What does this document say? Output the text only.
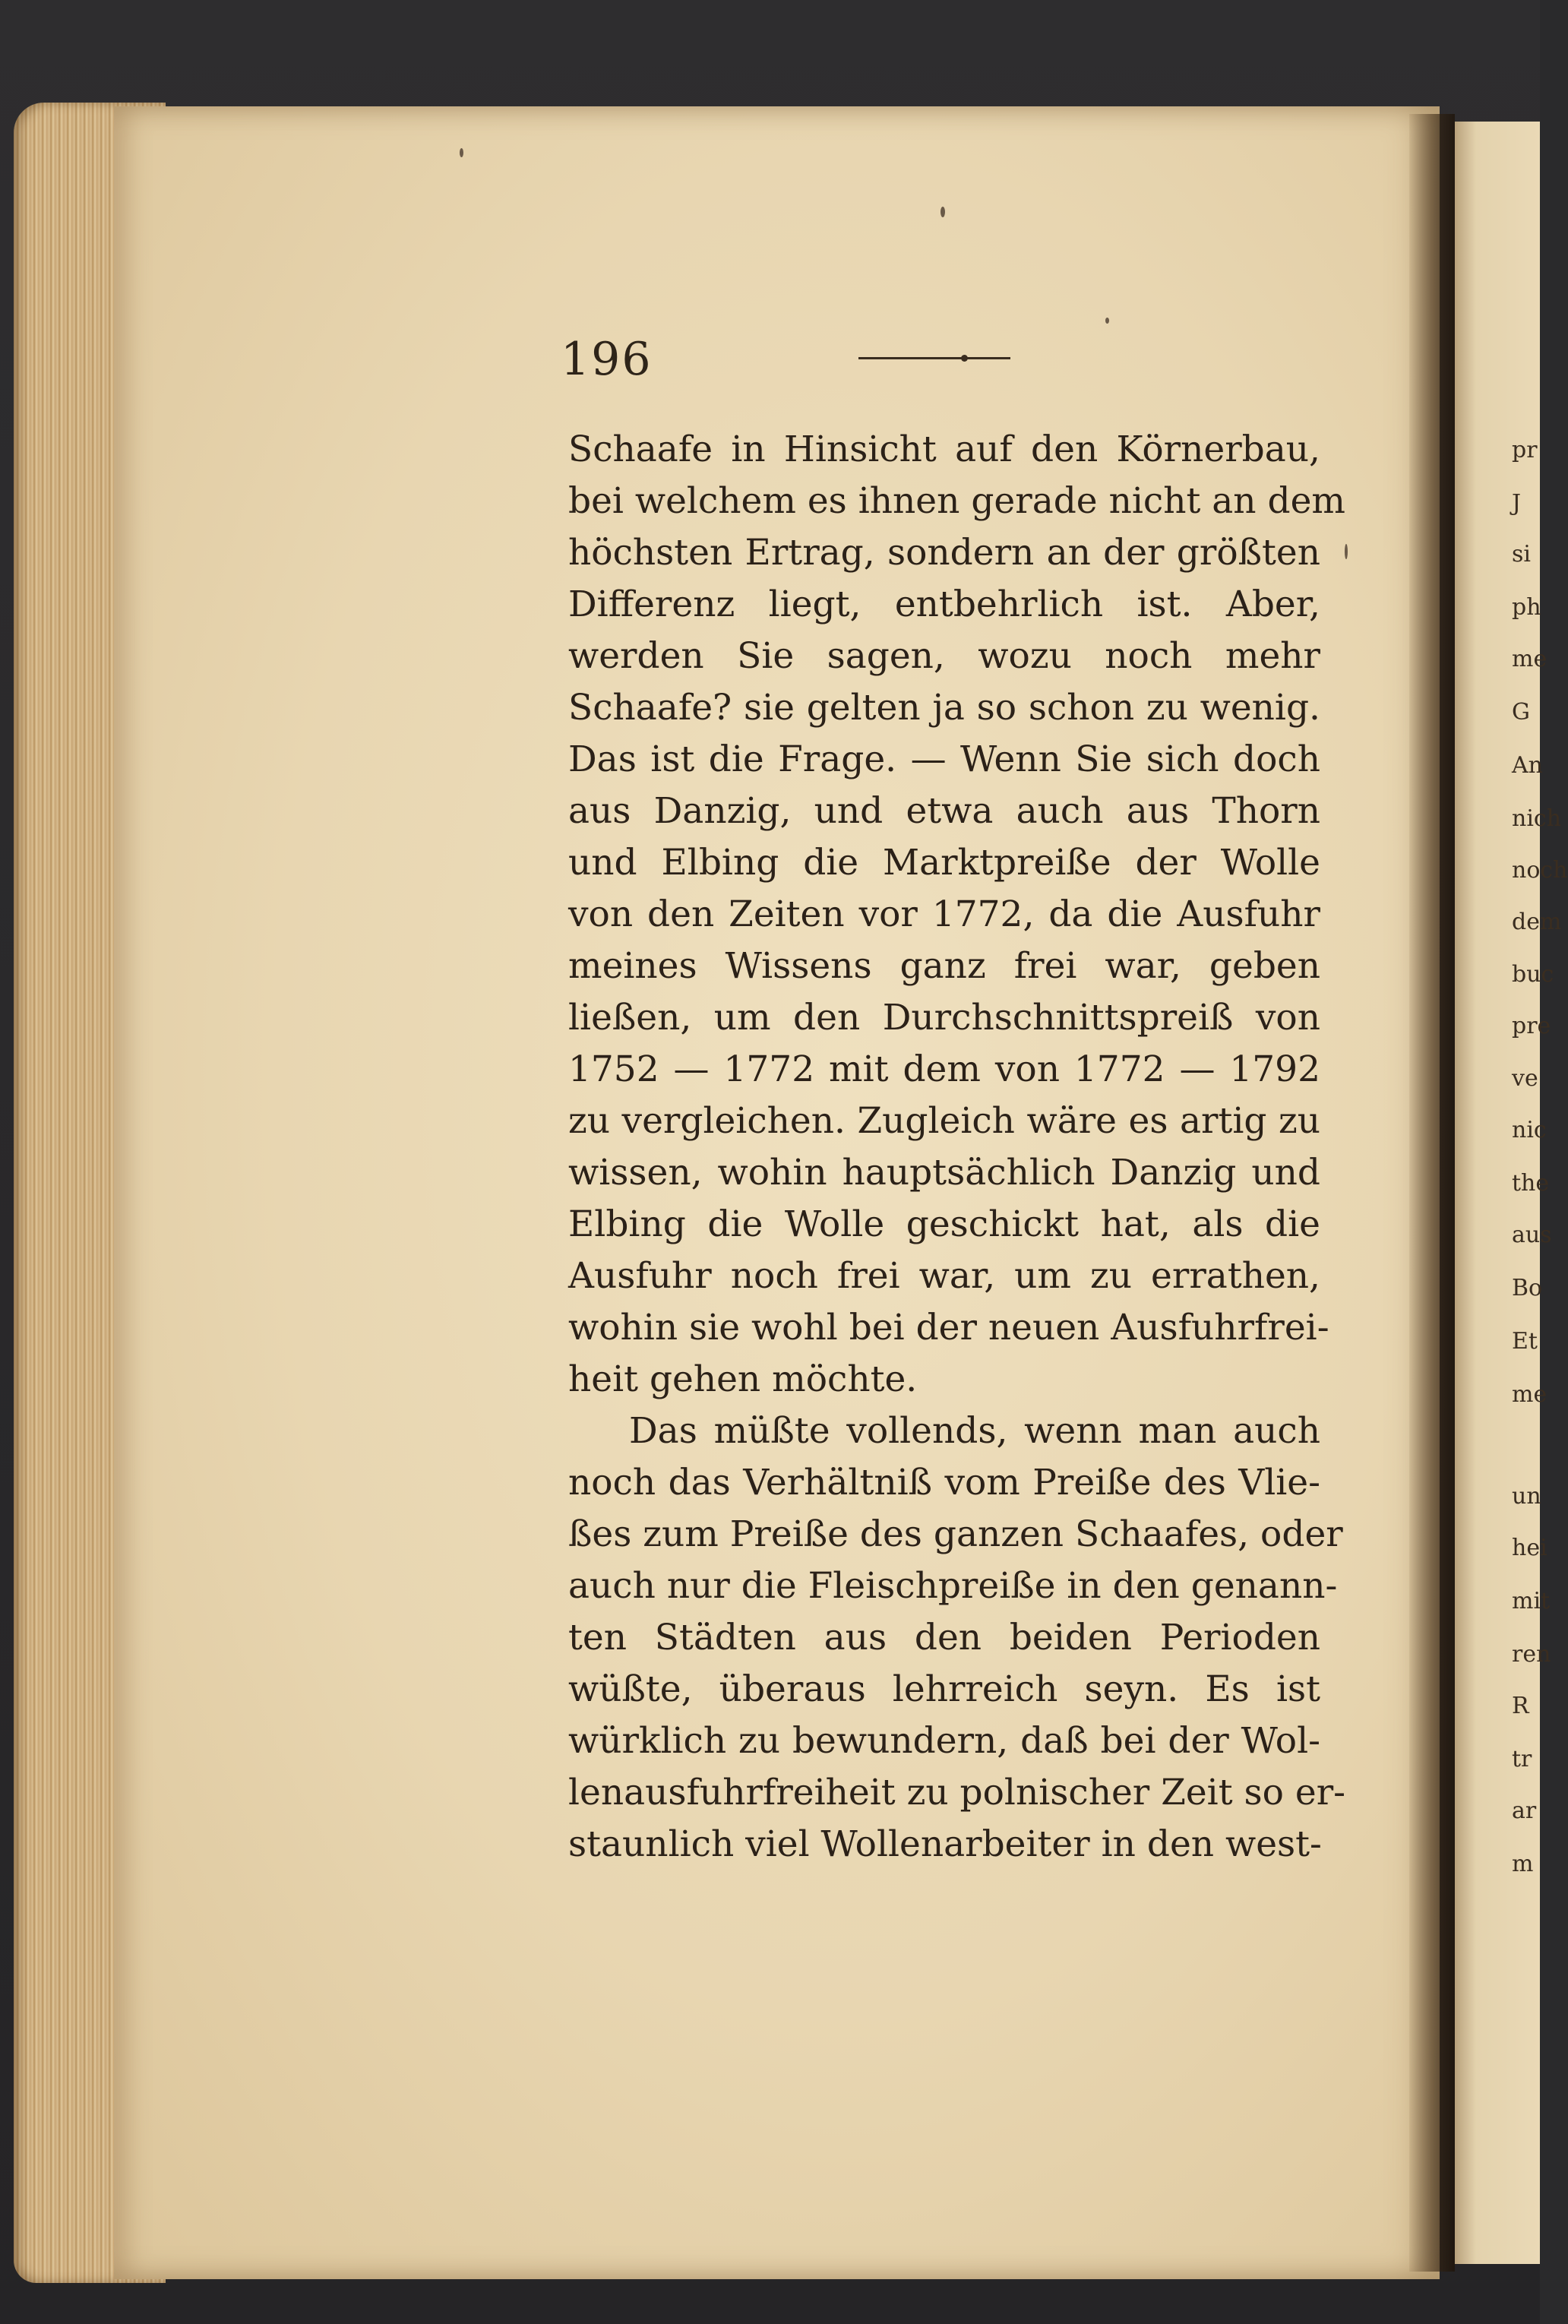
pr
J
si
ph
me
G
An
nich
noch
dem
buc
pre
ve
nic
the
aus
Bo
Et
me
un
hei
mit
ren
R
tr
ar
m
196
Schaafe in Hinsicht auf den Körnerbau,
bei welchem es ihnen gerade nicht an dem
höchsten Ertrag, sondern an der größten
Differenz liegt, entbehrlich ist. Aber,
werden Sie sagen, wozu noch mehr
Schaafe? sie gelten ja so schon zu wenig.
Das ist die Frage. — Wenn Sie sich doch
aus Danzig, und etwa auch aus Thorn
und Elbing die Marktpreiße der Wolle
von den Zeiten vor 1772, da die Ausfuhr
meines Wissens ganz frei war, geben
ließen, um den Durchschnittspreiß von
1752 — 1772 mit dem von 1772 — 1792
zu vergleichen. Zugleich wäre es artig zu
wissen, wohin hauptsächlich Danzig und
Elbing die Wolle geschickt hat, als die
Ausfuhr noch frei war, um zu errathen,
wohin sie wohl bei der neuen Ausfuhrfrei-
heit gehen möchte.
Das müßte vollends, wenn man auch
noch das Verhältniß vom Preiße des Vlie-
ßes zum Preiße des ganzen Schaafes, oder
auch nur die Fleischpreiße in den genann-
ten Städten aus den beiden Perioden
wüßte, überaus lehrreich seyn. Es ist
würklich zu bewundern, daß bei der Wol-
lenausfuhrfreiheit zu polnischer Zeit so er-
staunlich viel Wollenarbeiter in den west-
